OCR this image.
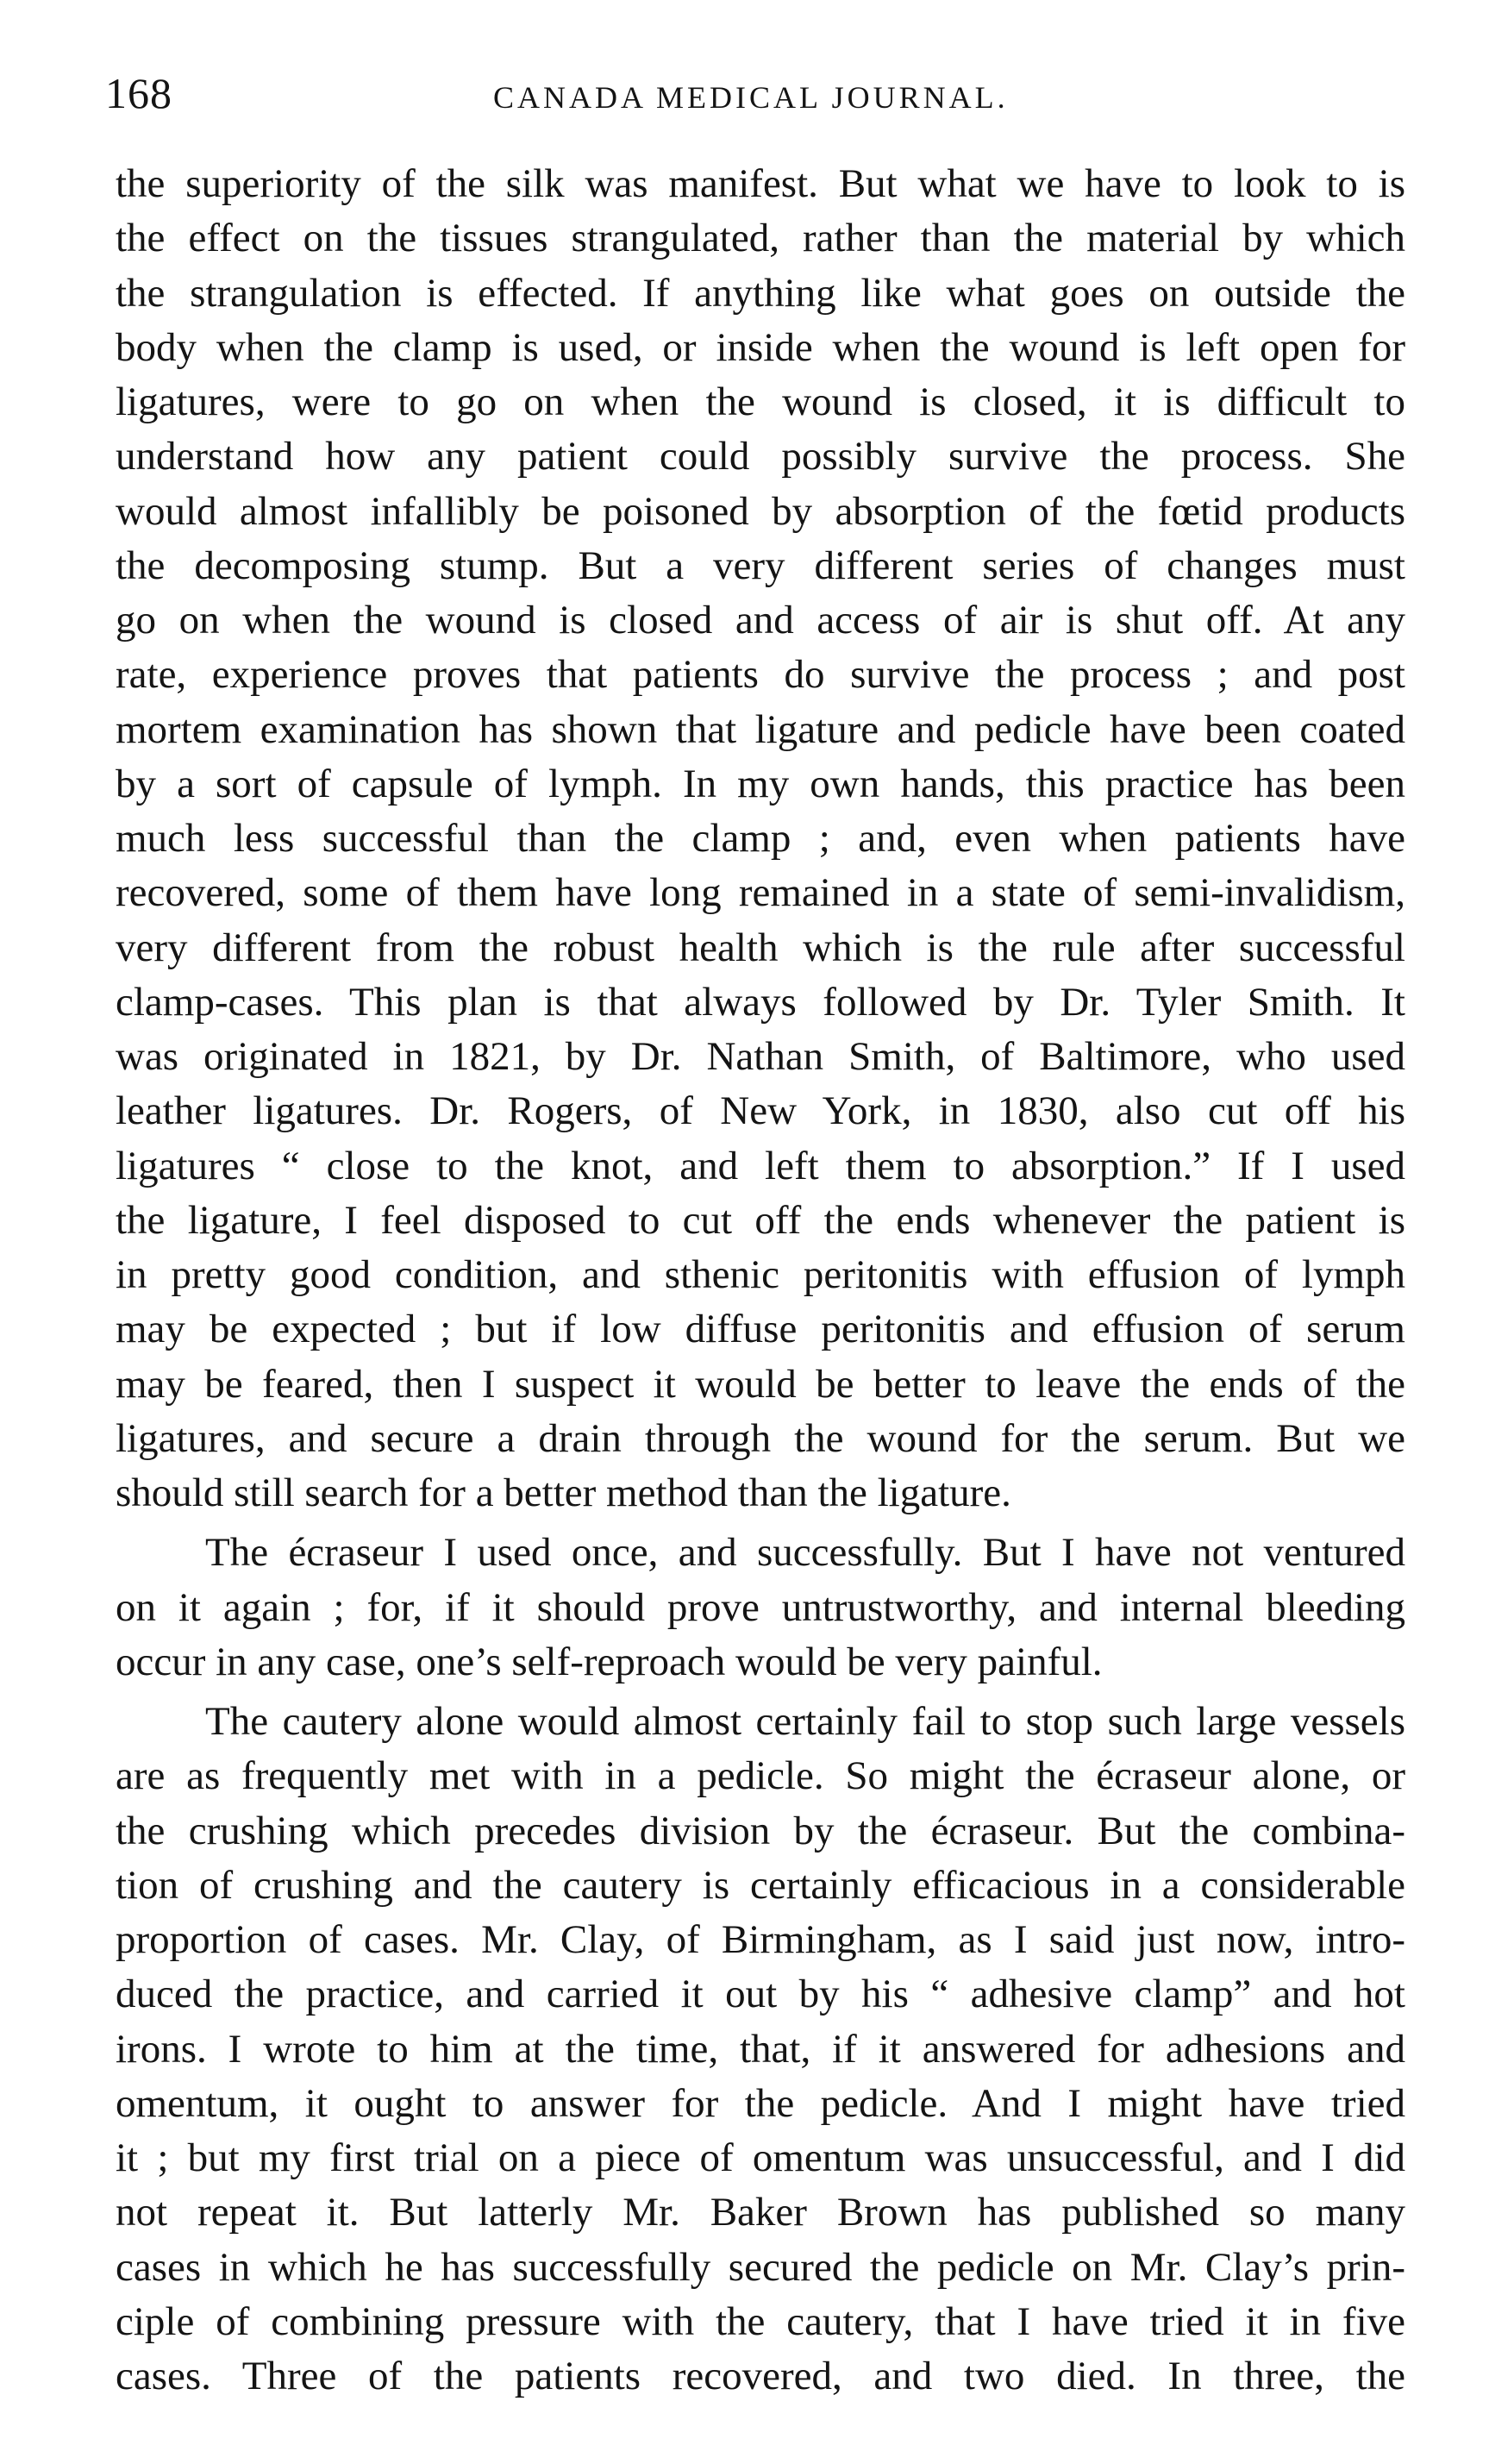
168	CANADA MEDICAL JOURNAL.
the superiority of the silk was manifest. But what we have to look to is
the effect on the tissues strangulated, rather than the material by which
the strangulation is effected. If anything like what goes on outside the
body when the clamp is used, or inside when the wound is left open for
ligatures, were to go on when the wound is closed, it is difficult to
understand how any patient could possibly survive the process. She
would almost infallibly be poisoned by absorption of the fœtid products
the decomposing stump. But a very different series of changes must
go on when the wound is closed and access of air is shut off. At any
rate, experience proves that patients do survive the process ; and post
mortem examination has shown that ligature and pedicle have been coated
by a sort of capsule of lymph. In my own hands, this practice has been
much less successful than the clamp ; and, even when patients have
recovered, some of them have long remained in a state of semi-invalidism,
very different from the robust health which is the rule after successful
clamp-cases. This plan is that always followed by Dr. Tyler Smith. It
was originated in 1821, by Dr. Nathan Smith, of Baltimore, who used
leather ligatures. Dr. Rogers, of New York, in 1830, also cut off his
ligatures “ close to the knot, and left them to absorption.” If I used
the ligature, I feel disposed to cut off the ends whenever the patient is
in pretty good condition, and sthenic peritonitis with effusion of lymph
may be expected ; but if low diffuse peritonitis and effusion of serum
may be feared, then I suspect it would be better to leave the ends of the
ligatures, and secure a drain through the wound for the serum. But we
should still search for a better method than the ligature.
The écraseur I used once, and successfully. But I have not ventured
on it again ; for, if it should prove untrustworthy, and internal bleeding
occur in any case, one’s self-reproach would be very painful.
The cautery alone would almost certainly fail to stop such large vessels
are as frequently met with in a pedicle. So might the écraseur alone, or
the crushing which precedes division by the écraseur. But the combina-
tion of crushing and the cautery is certainly efficacious in a considerable
proportion of cases. Mr. Clay, of Birmingham, as I said just now, intro-
duced the practice, and carried it out by his “ adhesive clamp” and hot
irons. I wrote to him at the time, that, if it answered for adhesions and
omentum, it ought to answer for the pedicle. And I might have tried
it ; but my first trial on a piece of omentum was unsuccessful, and I did
not repeat it. But latterly Mr. Baker Brown has published so many
cases in which he has successfully secured the pedicle on Mr. Clay’s prin-
ciple of combining pressure with the cautery, that I have tried it in five
cases. Three of the patients recovered, and two died. In three, the
